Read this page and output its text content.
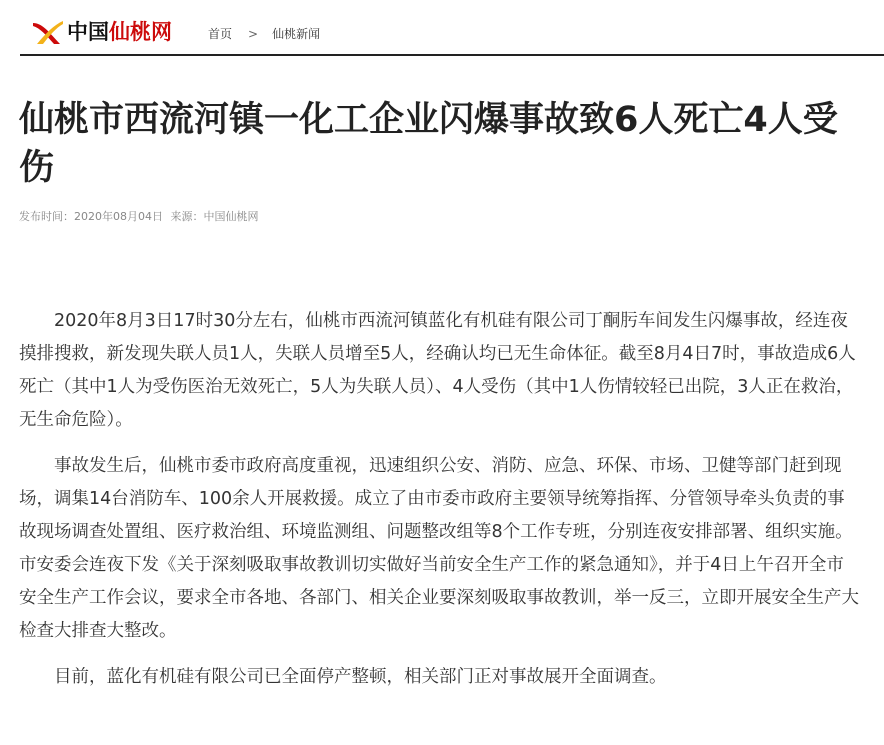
中国仙桃网	首页 > 仙桃新闻
仙桃市西流河镇一化工企业闪爆事故致6人死亡4人受伤
发布时间：2020年08月04日 来源：中国仙桃网

2020年8月3日17时30分左右，仙桃市西流河镇蓝化有机硅有限公司丁酮肟车间发生闪爆事故，经连夜摸排搜救，新发现失联人员1人，失联人员增至5人，经确认均已无生命体征。截至8月4日7时，事故造成6人死亡（其中1人为受伤医治无效死亡，5人为失联人员）、4人受伤（其中1人伤情较轻已出院，3人正在救治，无生命危险）。

事故发生后，仙桃市委市政府高度重视，迅速组织公安、消防、应急、环保、市场、卫健等部门赶到现场，调集14台消防车、100余人开展救援。成立了由市委市政府主要领导统筹指挥、分管领导牵头负责的事故现场调查处置组、医疗救治组、环境监测组、问题整改组等8个工作专班，分别连夜安排部署、组织实施。市安委会连夜下发《关于深刻吸取事故教训切实做好当前安全生产工作的紧急通知》，并于4日上午召开全市安全生产工作会议，要求全市各地、各部门、相关企业要深刻吸取事故教训，举一反三，立即开展安全生产大检查大排查大整改。

目前，蓝化有机硅有限公司已全面停产整顿，相关部门正对事故展开全面调查。
